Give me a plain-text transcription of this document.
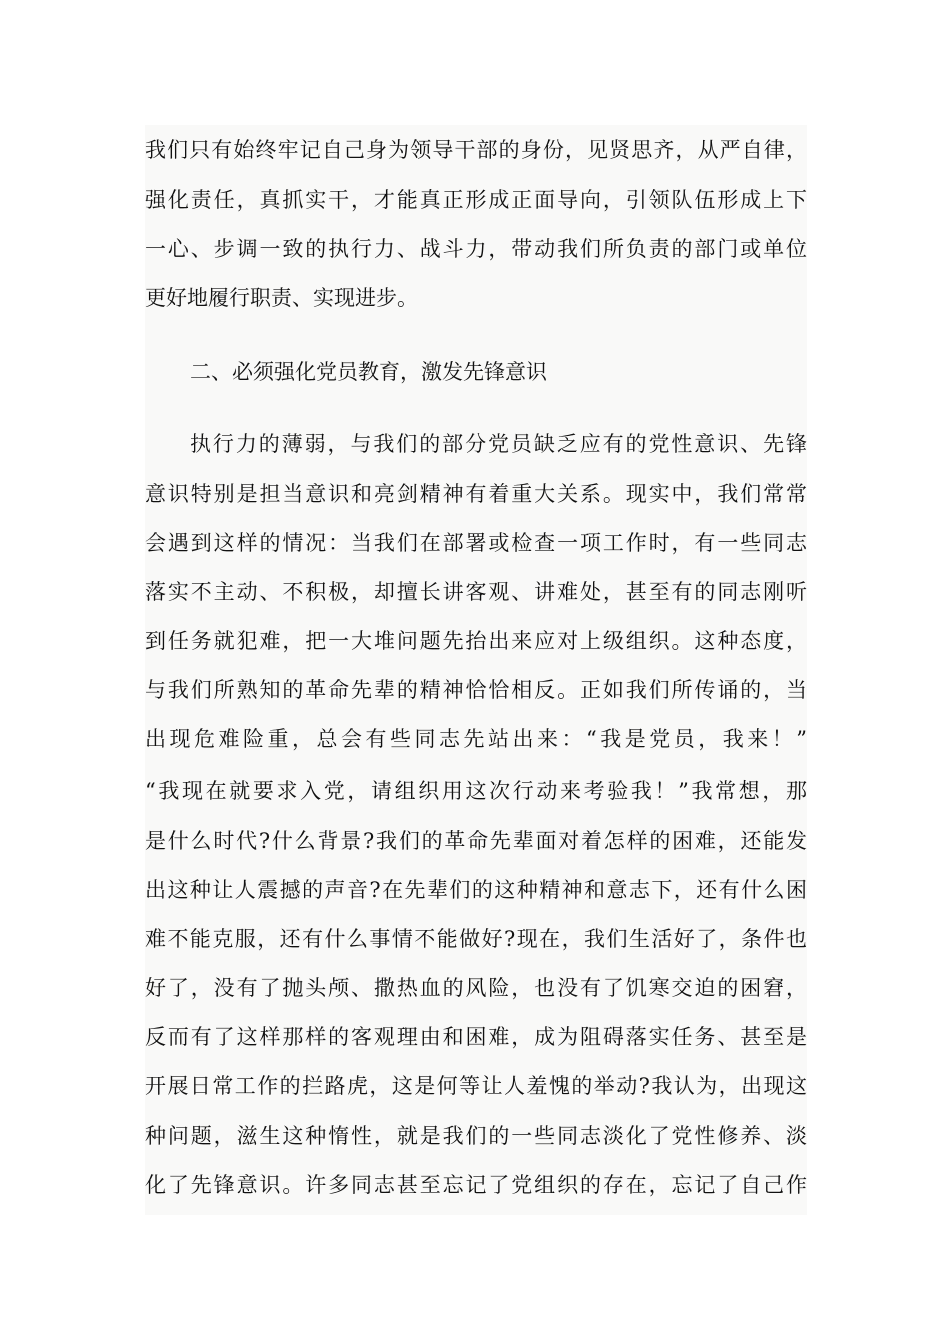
我们只有始终牢记自己身为领导干部的身份，见贤思齐，从严自律，
强化责任，真抓实干，才能真正形成正面导向，引领队伍形成上下
一心、步调一致的执行力、战斗力，带动我们所负责的部门或单位
更好地履行职责、实现进步。
二、必须强化党员教育，激发先锋意识
执行力的薄弱，与我们的部分党员缺乏应有的党性意识、先锋
意识特别是担当意识和亮剑精神有着重大关系。现实中，我们常常
会遇到这样的情况：当我们在部署或检查一项工作时，有一些同志
落实不主动、不积极，却擅长讲客观、讲难处，甚至有的同志刚听
到任务就犯难，把一大堆问题先抬出来应对上级组织。这种态度，
与我们所熟知的革命先辈的精神恰恰相反。正如我们所传诵的，当
出现危难险重，总会有些同志先站出来：“我是党员，我来！”
“我现在就要求入党，请组织用这次行动来考验我！”我常想，那
是什么时代?什么背景?我们的革命先辈面对着怎样的困难，还能发
出这种让人震撼的声音?在先辈们的这种精神和意志下，还有什么困
难不能克服，还有什么事情不能做好?现在，我们生活好了，条件也
好了，没有了抛头颅、撒热血的风险，也没有了饥寒交迫的困窘，
反而有了这样那样的客观理由和困难，成为阻碍落实任务、甚至是
开展日常工作的拦路虎，这是何等让人羞愧的举动?我认为，出现这
种问题，滋生这种惰性，就是我们的一些同志淡化了党性修养、淡
化了先锋意识。许多同志甚至忘记了党组织的存在，忘记了自己作
